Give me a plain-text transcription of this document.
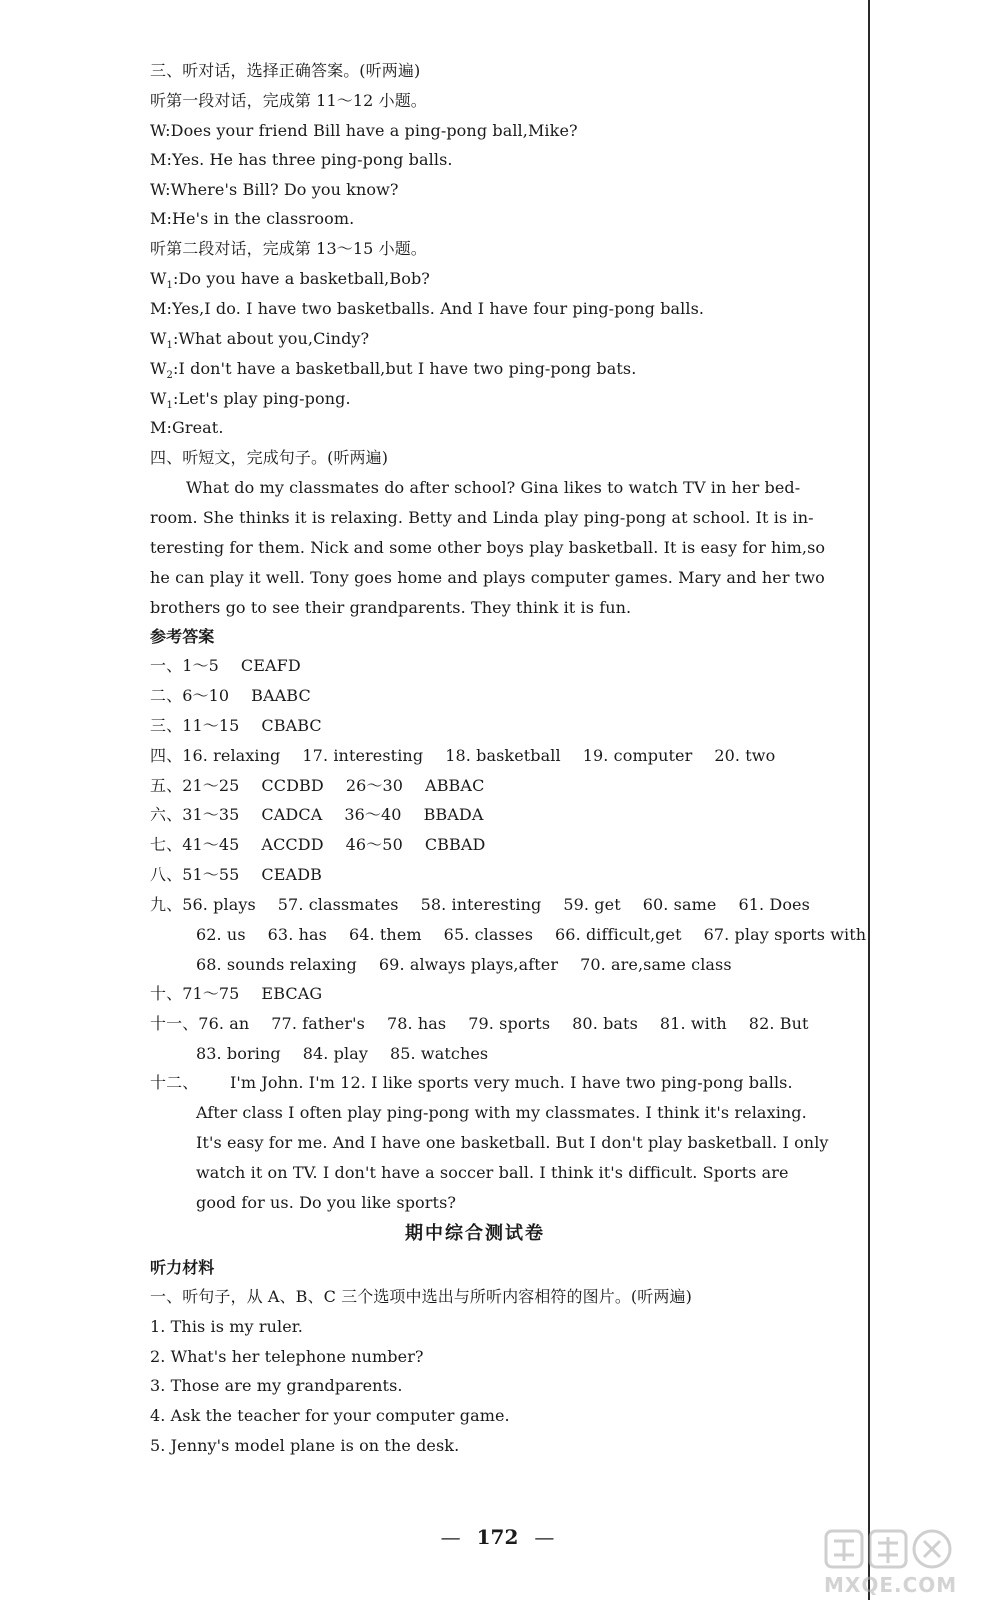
三、听对话，选择正确答案。(听两遍)
听第一段对话，完成第 11～12 小题。
W:Does your friend Bill have a ping-pong ball,Mike?
M:Yes. He has three ping-pong balls.
W:Where's Bill? Do you know?
M:He's in the classroom.
听第二段对话，完成第 13～15 小题。
$W_1:Do$ you have a basketball,Bob?
M:Yes,I do. I have two basketballs. And I have four ping-pong balls.
$W_1:What$ about you,Cindy?
$W_2:I$ don't have a basketball,but I have two ping-pong bats.
$W_1:Let's$ play ping-pong.
M:Great.
四、听短文，完成句子。(听两遍)
What do my classmates do after school? Gina likes to watch TV in her bed-
room. She thinks it is relaxing. Betty and Linda play ping-pong at school. It is in-
teresting for them. Nick and some other boys play basketball. It is easy for him,so
he can play it well. Tony goes home and plays computer games. Mary and her two
brothers go to see their grandparents. They think it is fun.
参考答案
一、1～5 CEAFD
二、6～10 BAABC
三、11～15 CBABC
四、16. relaxing 17. interesting 18. basketball 19. computer 20. two
五、21～25 CCDBD 26～30 ABBAC
六、31～35 CADCA 36～40 BBADA
七、41～45 ACCDD 46～50 CBBAD
八、51～55 CEADB
九、56. plays 57. classmates 58. interesting 59. get 60. same 61. Does
62. us 63. has 64. them 65. classes 66. difficult,get 67. play sports with
68. sounds relaxing 69. always plays,after 70. are,same class
十、71～75 EBCAG
十一、76. an 77. father's 78. has 79. sports 80. bats 81. with 82. But
83. boring 84. play 85. watches
十二、 I'm John. I'm 12. I like sports very much. I have two ping-pong balls.
After class I often play ping-pong with my classmates. I think it's relaxing.
It's easy for me. And I have one basketball. But I don't play basketball. I only
watch it on TV. I don't have a soccer ball. I think it's difficult. Sports are
good for us. Do you like sports?
期中综合测试卷
听力材料
一、听句子，从 A、B、C 三个选项中选出与所听内容相符的图片。(听两遍)
1. This is my ruler.
2. What's her telephone number?
3. Those are my grandparents.
4. Ask the teacher for your computer game.
5. Jenny's model plane is on the desk.
— 172 —
MXQE.COM
